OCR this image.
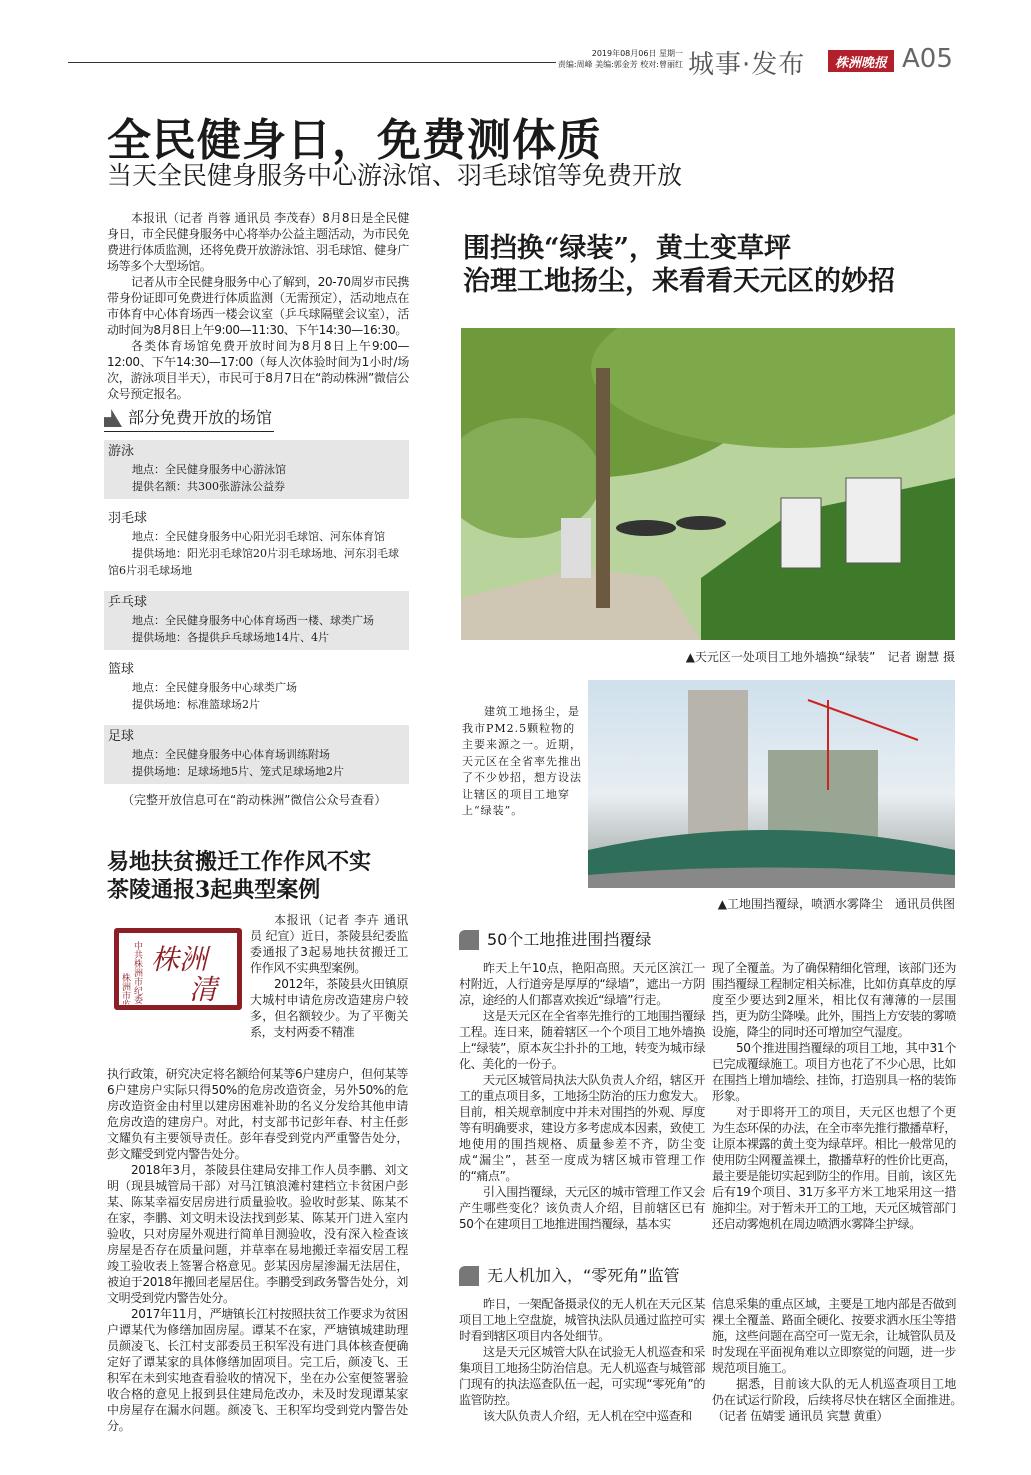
2019年08月06日 星期一
责编:周峰 美编:郭金芳 校对:曾丽红 城事·发布	株洲晚报 A05
全民健身日，免费测体质
当天全民健身服务中心游泳馆、羽毛球馆等免费开放

本报讯（记者 肖蓉 通讯员 李茂春）8月8日是全民健身日，市全民健身服务中心将举办公益主题活动，为市民免费进行体质监测，还将免费开放游泳馆、羽毛球馆、健身广场等多个大型场馆。

记者从市全民健身服务中心了解到，20-70周岁市民携带身份证即可免费进行体质监测（无需预定），活动地点在市体育中心体育场西一楼会议室（乒乓球隔壁会议室），活动时间为8月8日上午9:00—11:30、下午14:30—16:30。

各类体育场馆免费开放时间为8月8日上午9:00—12:00、下午14:30—17:00（每人次体验时间为1小时/场次，游泳项目半天），市民可于8月7日在“韵动株洲”微信公众号预定报名。

部分免费开放的场馆
游泳
地点：全民健身服务中心游泳馆
提供名额：共300张游泳公益券
羽毛球
地点：全民健身服务中心阳光羽毛球馆、河东体育馆
提供场地：阳光羽毛球馆20片羽毛球场地、河东羽毛球馆6片羽毛球场地
乒乓球
地点：全民健身服务中心体育场西一楼、球类广场
提供场地：各提供乒乓球场地14片、4片
篮球
地点：全民健身服务中心球类广场
提供场地：标准篮球场2片
足球
地点：全民健身服务中心体育场训练附场
提供场地：足球场地5片、笼式足球场地2片
（完整开放信息可在“韵动株洲”微信公众号查看）
围挡换“绿装”，黄土变草坪
治理工地扬尘，来看看天元区的妙招
▲天元区一处项目工地外墙换“绿装”　记者 谢慧 摄
建筑工地扬尘，是我市PM2.5颗粒物的主要来源之一。近期，天元区在全省率先推出了不少妙招，想方设法让辖区的项目工地穿上“绿装”。
▲工地围挡覆绿，喷洒水雾降尘　通讯员供图
50个工地推进围挡覆绿

昨天上午10点，艳阳高照。天元区滨江一村附近，人行道旁是厚厚的“绿墙”，遮出一方阴凉，途经的人们都喜欢挨近“绿墙”行走。

这是天元区在全省率先推行的工地围挡覆绿工程。连日来，随着辖区一个个项目工地外墙换上“绿装”，原本灰尘扑扑的工地，转变为城市绿化、美化的一份子。

天元区城管局执法大队负责人介绍，辖区开工的重点项目多，工地扬尘防治的压力愈发大。目前，相关规章制度中并未对围挡的外观、厚度等有明确要求，建设方多考虑成本因素，致使工地使用的围挡规格、质量参差不齐，防尘变成“漏尘”，甚至一度成为辖区城市管理工作的“痛点”。

引入围挡覆绿，天元区的城市管理工作又会产生哪些变化？该负责人介绍，目前辖区已有50个在建项目工地推进围挡覆绿，基本实

现了全覆盖。为了确保精细化管理，该部门还为围挡覆绿工程制定相关标准，比如仿真草皮的厚度至少要达到2厘米，相比仅有薄薄的一层围挡，更为防尘降噪。此外，围挡上方安装的雾喷设施，降尘的同时还可增加空气湿度。

50个推进围挡覆绿的项目工地，其中31个已完成覆绿施工。项目方也花了不少心思，比如在围挡上增加墙绘、挂饰，打造别具一格的装饰形象。

对于即将开工的项目，天元区也想了个更为生态环保的办法，在全市率先推行撒播草籽，让原本裸露的黄土变为绿草坪。相比一般常见的使用防尘网覆盖裸土，撒播草籽的性价比更高，最主要是能切实起到防尘的作用。目前，该区先后有19个项目、31万多平方米工地采用这一措施抑尘。对于暂未开工的工地，天元区城管部门还启动雾炮机在周边喷洒水雾降尘护绿。

无人机加入，“零死角”监管

昨日，一架配备摄录仪的无人机在天元区某项目工地上空盘旋，城管执法队员通过监控可实时看到辖区项目内各处细节。

这是天元区城管大队在试验无人机巡查和采集项目工地扬尘防治信息。无人机巡查与城管部门现有的执法巡查队伍一起，可实现“零死角”的监管防控。

该大队负责人介绍，无人机在空中巡查和

信息采集的重点区域，主要是工地内部是否做到裸土全覆盖、路面全硬化、按要求洒水压尘等措施，这些问题在高空可一览无余，让城管队员及时发现在平面视角难以立即察觉的问题，进一步规范项目施工。

据悉，目前该大队的无人机巡查项目工地仍在试运行阶段，后续将尽快在辖区全面推进。　（记者 伍婧雯 通讯员 宾慧 黄重）

易地扶贫搬迁工作作风不实
茶陵通报3起典型案例
株洲市监察委 中共株洲市纪委 株洲
清

本报讯（记者 李卉 通讯员 纪宣）近日，茶陵县纪委监委通报了3起易地扶贫搬迁工作作风不实典型案例。

2012年，茶陵县火田镇原大城村申请危房改造建房户较多，但名额较少。为了平衡关系，支村两委不精准

执行政策，研究决定将名额给何某等6户建房户，但何某等6户建房户实际只得50%的危房改造资金，另外50%的危房改造资金由村里以建房困难补助的名义分发给其他申请危房改造的建房户。对此，村支部书记彭年春、村主任彭文耀负有主要领导责任。彭年春受到党内严重警告处分，彭文耀受到党内警告处分。

2018年3月，茶陵县住建局安排工作人员李鹏、刘文明（现县城管局干部）对马江镇浪滩村建档立卡贫困户彭某、陈某幸福安居房进行质量验收。验收时彭某、陈某不在家，李鹏、刘文明未设法找到彭某、陈某开门进入室内验收，只对房屋外观进行简单目测验收，没有深入检查该房屋是否存在质量问题，并草率在易地搬迁幸福安居工程竣工验收表上签署合格意见。彭某因房屋渗漏无法居住，被迫于2018年搬回老屋居住。李鹏受到政务警告处分，刘文明受到党内警告处分。

2017年11月，严塘镇长江村按照扶贫工作要求为贫困户谭某代为修缮加固房屋。谭某不在家，严塘镇城建助理员颜凌飞、长江村支部委员王积军没有进门具体核查便确定好了谭某家的具体修缮加固项目。完工后，颜凌飞、王积军在未到实地查看验收的情况下，坐在办公室便签署验收合格的意见上报到县住建局危改办，未及时发现谭某家中房屋存在漏水问题。颜凌飞、王积军均受到党内警告处分。
